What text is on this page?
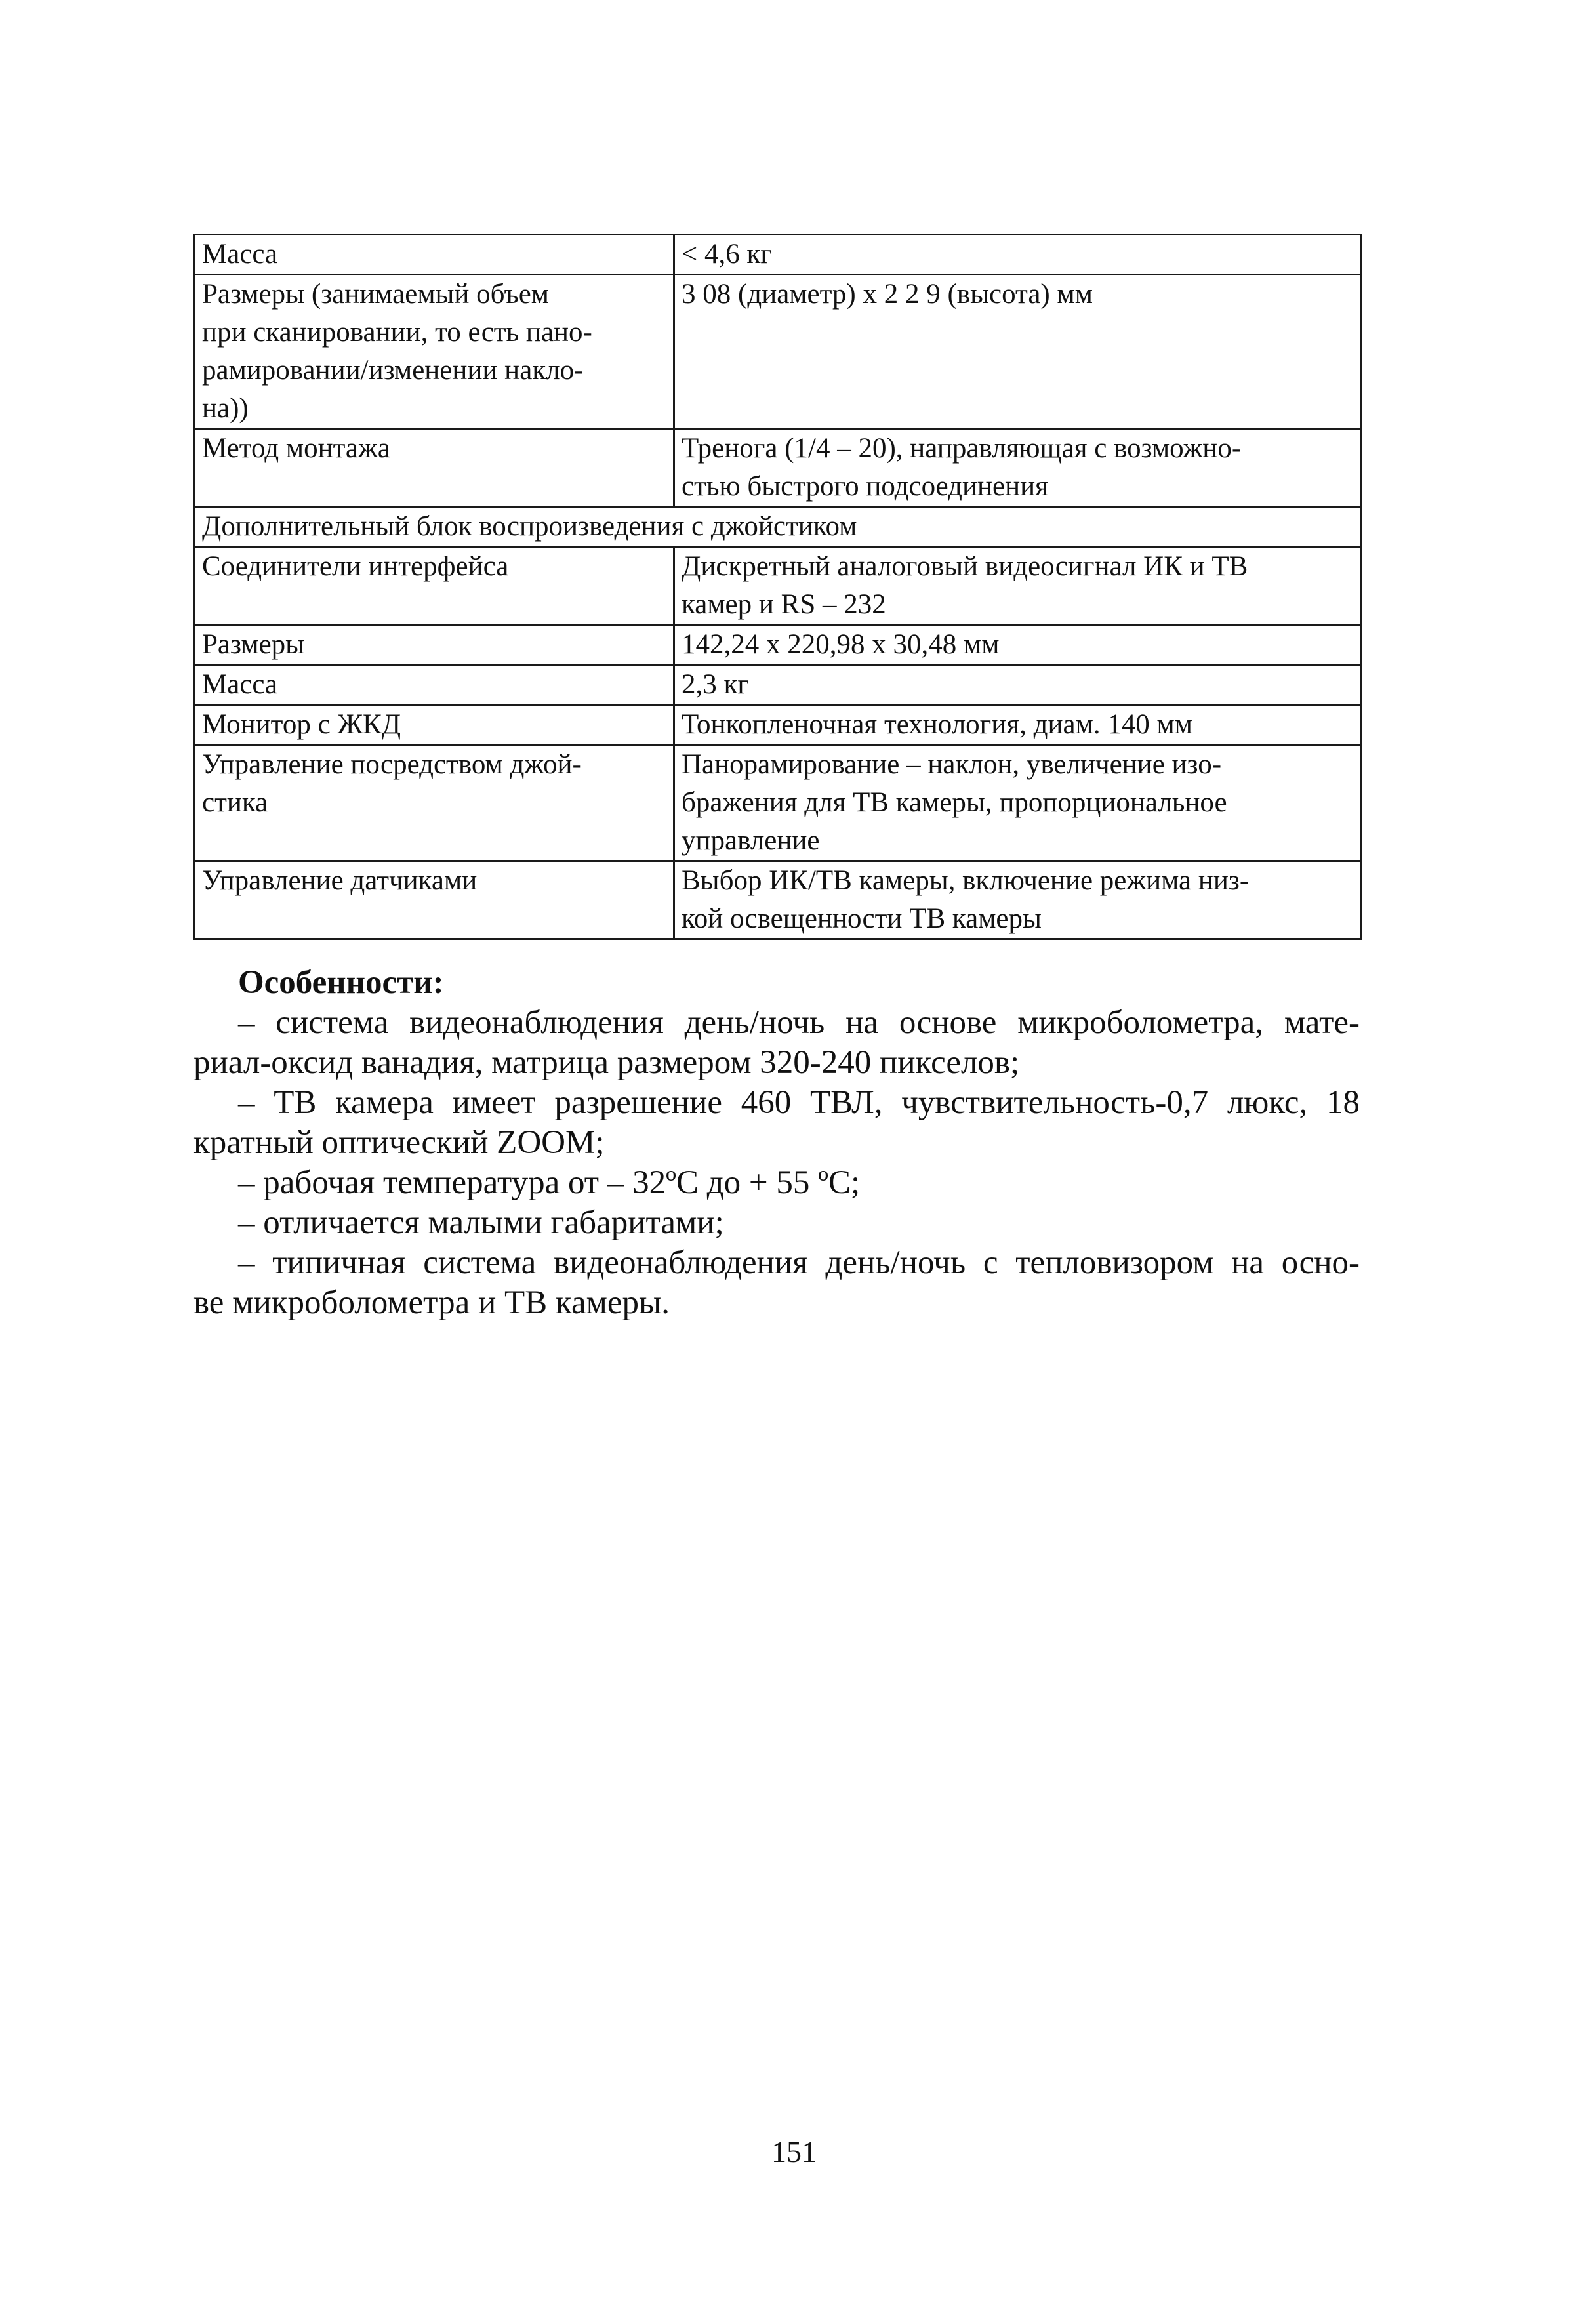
Масса	< 4,6 кг
Размеры (занимаемый объем
при сканировании, то есть пано-
рамировании/изменении накло-
на))	3 08 (диаметр) x 2 2 9 (высота) мм
Метод монтажа	Тренога (1/4 – 20), направляющая с возможно-
стью быстрого подсоединения
Дополнительный блок воспроизведения с джойстиком	
Соединители интерфейса	Дискретный аналоговый видеосигнал ИК и ТВ
камер и RS – 232
Размеры	142,24 x 220,98 x 30,48 мм
Масса	2,3 кг
Монитор с ЖКД	Тонкопленочная технология, диам. 140 мм
Управление посредством джой-
стика	Панорамирование – наклон, увеличение изо-
бражения для ТВ камеры, пропорциональное
управление
Управление датчиками	Выбор ИК/ТВ камеры, включение режима низ-
кой освещенности ТВ камеры

Особенности:

– система видеонаблюдения день/ночь на основе микроболометра, мате-

риал-оксид ванадия, матрица размером 320-240 пикселов;

– ТВ камера имеет разрешение 460 ТВЛ, чувствительность-0,7 люкс, 18

кратный оптический ZOOM;

– рабочая температура от – 32ºС до + 55 ºС;

– отличается малыми габаритами;

– типичная система видеонаблюдения день/ночь с тепловизором на осно-

ве микроболометра и ТВ камеры.

151
